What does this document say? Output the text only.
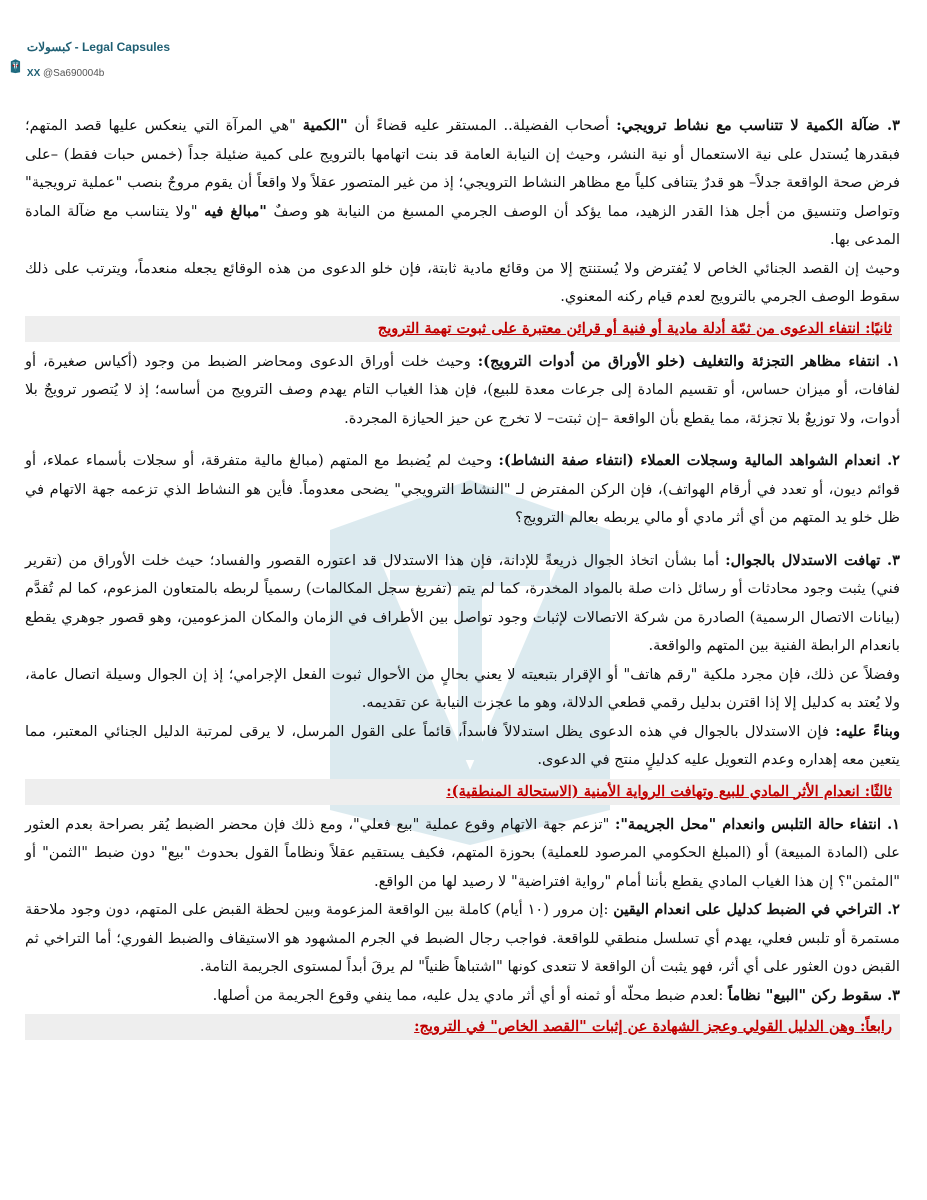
كبسولات - Legal Capsules
XX @Sa690004b

٣. ضآلة الكمية لا تتناسب مع نشاط ترويجي: أصحاب الفضيلة.. المستقر عليه قضاءً أن "الكمية "هي المرآة التي ينعكس عليها قصد المتهم؛ فبقدرها يُستدل على نية الاستعمال أو نية النشر، وحيث إن النيابة العامة قد بنت اتهامها بالترويج على كمية ضئيلة جداً (خمس حبات فقط) –على فرض صحة الواقعة جدلاً– هو قدرٌ يتنافى كلياً مع مظاهر النشاط الترويجي؛ إذ من غير المتصور عقلاً ولا واقعاً أن يقوم مروجٌ بنصب "عملية ترويجية" وتواصل وتنسيق من أجل هذا القدر الزهيد، مما يؤكد أن الوصف الجرمي المسبغ من النيابة هو وصفٌ "مبالغ فيه "ولا يتناسب مع ضآلة المادة المدعى بها.

وحيث إن القصد الجنائي الخاص لا يُفترض ولا يُستنتج إلا من وقائع مادية ثابتة، فإن خلو الدعوى من هذه الوقائع يجعله منعدماً، ويترتب على ذلك سقوط الوصف الجرمي بالترويج لعدم قيام ركنه المعنوي.

ثانيًا: انتفاء الدعوى من ثمّة أدلة مادية أو فنية أو قرائن معتبرة على ثبوت تهمة الترويج

١. انتفاء مظاهر التجزئة والتغليف (خلو الأوراق من أدوات الترويج): وحيث خلت أوراق الدعوى ومحاضر الضبط من وجود (أكياس صغيرة، أو لفافات، أو ميزان حساس، أو تقسيم المادة إلى جرعات معدة للبيع)، فإن هذا الغياب التام يهدم وصف الترويج من أساسه؛ إذ لا يُتصور ترويجٌ بلا أدوات، ولا توزيعٌ بلا تجزئة، مما يقطع بأن الواقعة –إن ثبتت– لا تخرج عن حيز الحيازة المجردة.

٢. انعدام الشواهد المالية وسجلات العملاء (انتفاء صفة النشاط): وحيث لم يُضبط مع المتهم (مبالغ مالية متفرقة، أو سجلات بأسماء عملاء، أو قوائم ديون، أو تعدد في أرقام الهواتف)، فإن الركن المفترض لـ "النشاط الترويجي" يضحى معدوماً. فأين هو النشاط الذي تزعمه جهة الاتهام في ظل خلو يد المتهم من أي أثر مادي أو مالي يربطه بعالم الترويج؟

٣. تهافت الاستدلال بالجوال: أما بشأن اتخاذ الجوال ذريعةً للإدانة، فإن هذا الاستدلال قد اعتوره القصور والفساد؛ حيث خلت الأوراق من (تقرير فني) يثبت وجود محادثات أو رسائل ذات صلة بالمواد المخدرة، كما لم يتم (تفريغ سجل المكالمات) رسمياً لربطه بالمتعاون المزعوم، كما لم تُقدَّم (بيانات الاتصال الرسمية) الصادرة من شركة الاتصالات لإثبات وجود تواصل بين الأطراف في الزمان والمكان المزعومين، وهو قصور جوهري يقطع بانعدام الرابطة الفنية بين المتهم والواقعة.

وفضلاً عن ذلك، فإن مجرد ملكية "رقم هاتف" أو الإقرار بتبعيته لا يعني بحالٍ من الأحوال ثبوت الفعل الإجرامي؛ إذ إن الجوال وسيلة اتصال عامة، ولا يُعتد به كدليل إلا إذا اقترن بدليل رقمي قطعي الدلالة، وهو ما عجزت النيابة عن تقديمه.

وبناءً عليه: فإن الاستدلال بالجوال في هذه الدعوى يظل استدلالاً فاسداً، قائماً على القول المرسل، لا يرقى لمرتبة الدليل الجنائي المعتبر، مما يتعين معه إهداره وعدم التعويل عليه كدليلٍ منتج في الدعوى.

ثالثًا: انعدام الأثر المادي للبيع وتهافت الرواية الأمنية (الاستحالة المنطقية):

١. انتفاء حالة التلبس وانعدام "محل الجريمة": "تزعم جهة الاتهام وقوع عملية "بيع فعلي"، ومع ذلك فإن محضر الضبط يُقر بصراحة بعدم العثور على (المادة المبيعة) أو (المبلغ الحكومي المرصود للعملية) بحوزة المتهم، فكيف يستقيم عقلاً ونظاماً القول بحدوث "بيع" دون ضبط "الثمن" أو "المثمن"؟ إن هذا الغياب المادي يقطع بأننا أمام "رواية افتراضية" لا رصيد لها من الواقع.

٢. التراخي في الضبط كدليل على انعدام اليقين :إن مرور (١٠ أيام) كاملة بين الواقعة المزعومة وبين لحظة القبض على المتهم، دون وجود ملاحقة مستمرة أو تلبس فعلي، يهدم أي تسلسل منطقي للواقعة. فواجب رجال الضبط في الجرم المشهود هو الاستيقاف والضبط الفوري؛ أما التراخي ثم القبض دون العثور على أي أثر، فهو يثبت أن الواقعة لا تتعدى كونها "اشتباهاً ظنياً" لم يرقَ أبداً لمستوى الجريمة التامة.

٣. سقوط ركن "البيع" نظاماً :لعدم ضبط محلّه أو ثمنه أو أي أثر مادي يدل عليه، مما ينفي وقوع الجريمة من أصلها.

رابعاً: وهن الدليل القولي وعجز الشهادة عن إثبات "القصد الخاص" في الترويج:
